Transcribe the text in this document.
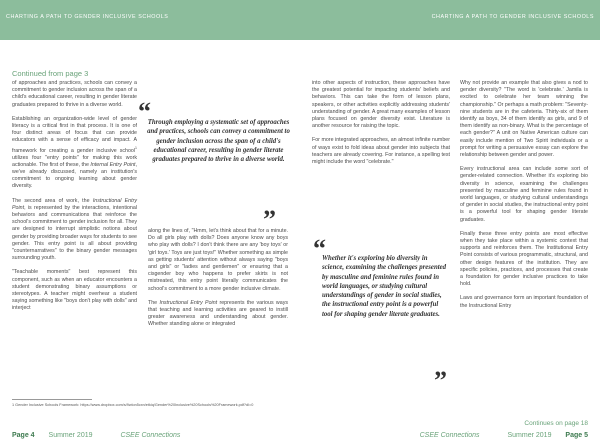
CHARTING A PATH TO GENDER INCLUSIVE SCHOOLS
Continued from page 3

of approaches and practices, schools can convey a commitment to gender inclusion across the span of a child's educational career, resulting in gender literate graduates prepared to thrive in a diverse world.

Establishing an organization-wide level of gender literacy is a critical first in that process. It is one of four distinct areas of focus that can provide educators with a sense of efficacy and impact. A framework for creating a gender inclusive school$^1$ utilizes four "entry points" for making this work actionable. The first of these, the Internal Entry Point, we've already discussed, namely an institution's commitment to ongoing learning about gender diversity.

The second area of work, the Instructional Entry Point, is represented by the interactions, intentional behaviors and communications that reinforce the school's commitment to gender inclusion for all. They are designed to interrupt simplistic notions about gender by providing broader ways for students to see gender. This entry point is all about providing "counternarratives" to the binary gender messages surrounding youth.

"Teachable moments" best represent this component, such as when an educator encounters a student demonstrating binary assumptions or stereotypes. A teacher might overhear a student saying something like "boys don't play with dolls" and interject

“
Through employing a systematic set of approaches and practices, schools can convey a commitment to gender inclusion across the span of a child's educational career, resulting in gender literate graduates prepared to thrive in a diverse world.
”

along the lines of, "Hmm, let's think about that for a minute. Do all girls play with dolls? Does anyone know any boys who play with dolls? I don't think there are any 'boy toys' or 'girl toys.' Toys are just toys!" Whether something as simple as getting students' attention without always saying "boys and girls" or "ladies and gentlemen" or ensuring that a cisgender boy who happens to prefer skirts is not mistreated, this entry point literally communicates the school's commitment to a more gender inclusive climate.

The Instructional Entry Point represents the various ways that teaching and learning activities are geared to instill greater awareness and understanding about gender. Whether standing alone or integrated

1 Gender Inclusive Schools Framework: https://www.dropbox.com/s/9wlon5cxn/etkiq/Gender%20Inclusive%20Schools%20Framework.pdf?dl=0
Page 4 Summer 2019	CSEE Connections
CHARTING A PATH TO GENDER INCLUSIVE SCHOOLS

into other aspects of instruction, these approaches have the greatest potential for impacting students' beliefs and behaviors. This can take the form of lesson plans, speakers, or other activities explicitly addressing students' understanding of gender. A great many examples of lesson plans focused on gender diversity exist. Literature is another resource for raising the topic.

For more integrated approaches, an almost infinite number of ways exist to fold ideas about gender into subjects that teachers are already covering. For instance, a spelling test might include the word "celebrate."

“
Whether it's exploring bio diversity in science, examining the challenges presented by masculine and feminine rules found in world languages, or studying cultural understandings of gender in social studies, the instructional entry point is a powerful tool for shaping gender literate graduates.
”

Why not provide an example that also gives a nod to gender diversity? "The word is 'celebrate.' Jamila is excited to celebrate her team winning the championship." Or perhaps a math problem: "Seventy-nine students are in the cafeteria. Thirty-six of them identify as boys, 34 of them identify as girls, and 9 of them identify as non-binary. What is the percentage of each gender?" A unit on Native American culture can easily include mention of Two Spirit individuals or a prompt for writing a persuasive essay can explore the relationship between gender and power.

Every instructional area can include some sort of gender-related connection. Whether it's exploring bio diversity in science, examining the challenges presented by masculine and feminine rules found in world languages, or studying cultural understandings of gender in social studies, the instructional entry point is a powerful tool for shaping gender literate graduates.

Finally these three entry points are most effective when they take place within a systemic context that supports and reinforces them. The Institutional Entry Point consists of various programmatic, structural, and other design features of the institution. They are specific policies, practices, and processes that create a foundation for gender inclusive practices to take hold.

Laws and governance form an important foundation of the Instructional Entry

Continues on page 18
CSEE Connections	Summer 2019 Page 5
